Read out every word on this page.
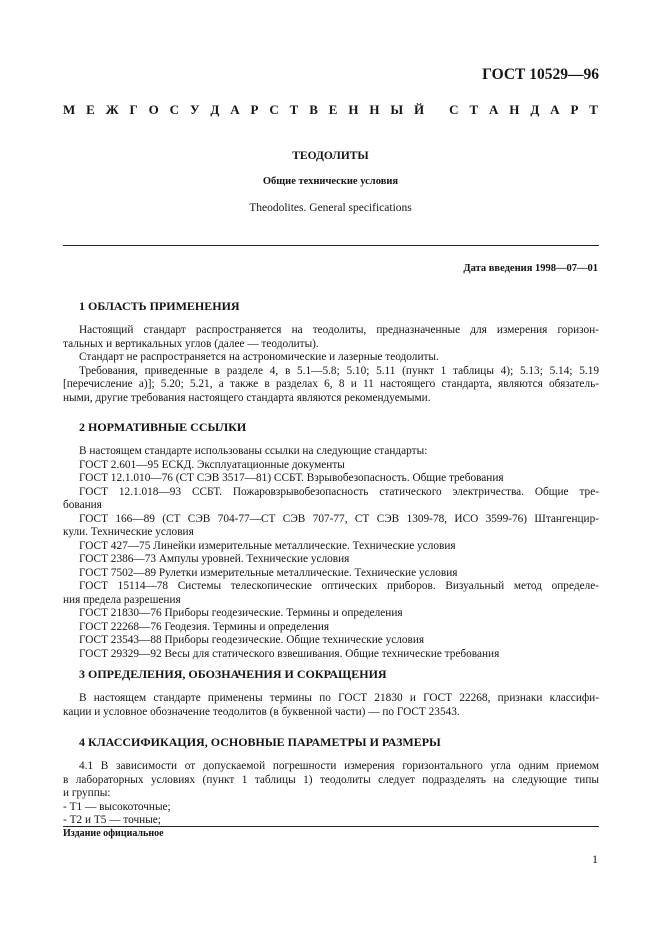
ГОСТ 10529—96
М Е Ж Г О С У Д А Р С Т В Е Н Н Ы Й
С Т А Н Д А Р Т
ТЕОДОЛИТЫ
Общие технические условия
Theodolites. General specifications
Дата введения 1998—07—01
1 ОБЛАСТЬ ПРИМЕНЕНИЯ
Настоящий стандарт распространяется на теодолиты, предназначенные для измерения горизон-
тальных и вертикальных углов (далее — теодолиты).
Стандарт не распространяется на астрономические и лазерные теодолиты.
Требования, приведенные в разделе 4, в 5.1—5.8; 5.10; 5.11 (пункт 1 таблицы 4); 5.13; 5.14; 5.19
[перечисление а)]; 5.20; 5.21, а также в разделах 6, 8 и 11 настоящего стандарта, являются обязатель-
ными, другие требования настоящего стандарта являются рекомендуемыми.
2 НОРМАТИВНЫЕ ССЫЛКИ
В настоящем стандарте использованы ссылки на следующие стандарты:
ГОСТ 2.601—95 ЕСКД. Эксплуатационные документы
ГОСТ 12.1.010—76 (СТ СЭВ 3517—81) ССБТ. Взрывобезопасность. Общие требования
ГОСТ 12.1.018—93 ССБТ. Пожаровзрывобезопасность статического электричества. Общие тре-
бования
ГОСТ 166—89 (СТ СЭВ 704-77—СТ СЭВ 707-77, СТ СЭВ 1309-78, ИСО 3599-76) Штангенцир-
кули. Технические условия
ГОСТ 427—75 Линейки измерительные металлические. Технические условия
ГОСТ 2386—73 Ампулы уровней. Технические условия
ГОСТ 7502—89 Рулетки измерительные металлические. Технические условия
ГОСТ 15114—78 Системы телескопические оптических приборов. Визуальный метод определе-
ния предела разрешения
ГОСТ 21830—76 Приборы геодезические. Термины и определения
ГОСТ 22268—76 Геодезия. Термины и определения
ГОСТ 23543—88 Приборы геодезические. Общие технические условия
ГОСТ 29329—92 Весы для статического взвешивания. Общие технические требования
3 ОПРЕДЕЛЕНИЯ, ОБОЗНАЧЕНИЯ И СОКРАЩЕНИЯ
В настоящем стандарте применены термины по ГОСТ 21830 и ГОСТ 22268, признаки классифи-
кации и условное обозначение теодолитов (в буквенной части) — по ГОСТ 23543.
4 КЛАССИФИКАЦИЯ, ОСНОВНЫЕ ПАРАМЕТРЫ И РАЗМЕРЫ
4.1 В зависимости от допускаемой погрешности измерения горизонтального угла одним приемом
в лабораторных условиях (пункт 1 таблицы 1) теодолиты следует подразделять на следующие типы
и группы:
- Т1 — высокоточные;
- Т2 и Т5 — точные;
Издание официальное
1
